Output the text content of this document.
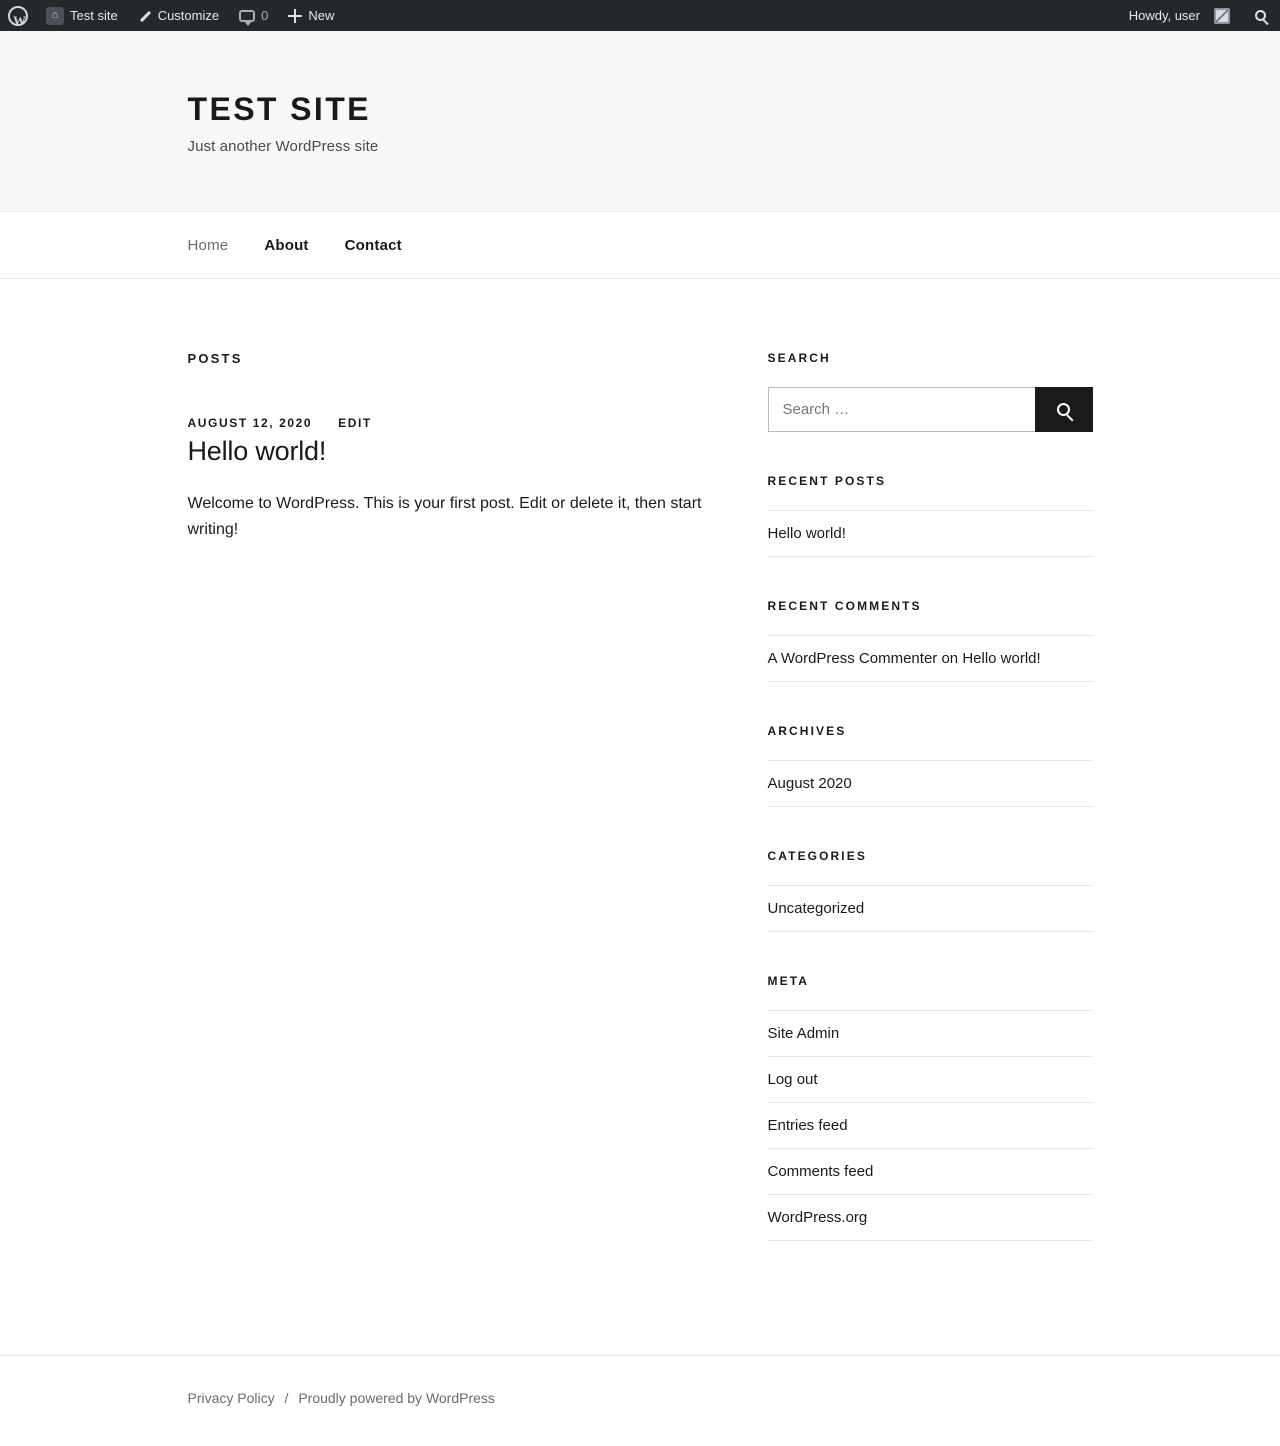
W
⌂ Test site	Customize	0	New	Howdy, user
TEST SITE

Just another WordPress site

Home About Contact
POSTS
AUGUST 12, 2020 EDIT
Hello world!

Welcome to WordPress. This is your first post. Edit or delete it, then start writing!

SEARCH
Search …
RECENT POSTS
Hello world!
RECENT COMMENTS
A WordPress Commenter on Hello world!
ARCHIVES
August 2020
CATEGORIES
Uncategorized
META
Site Admin
Log out
Entries feed
Comments feed
WordPress.org
Privacy Policy / Proudly powered by WordPress
